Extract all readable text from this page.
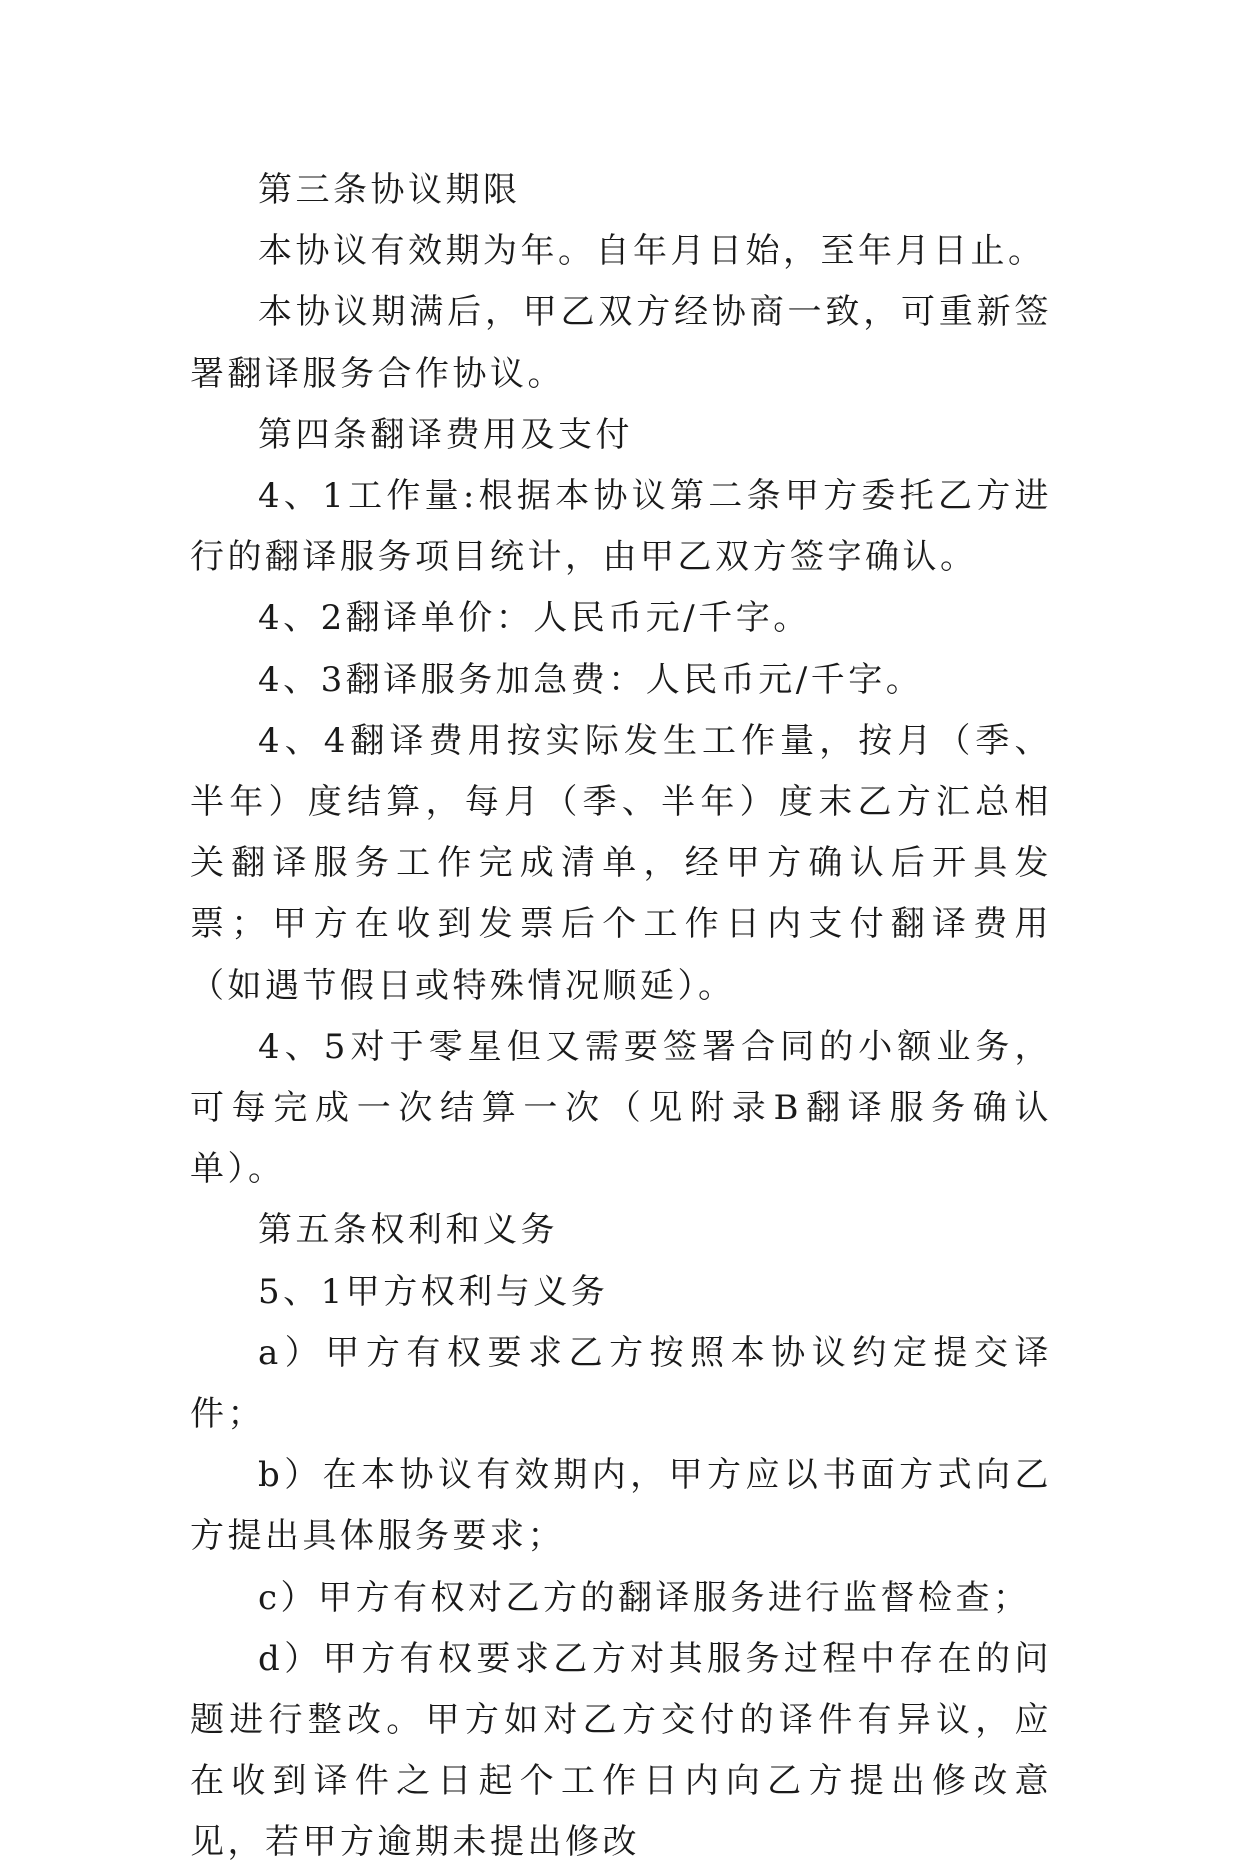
第三条协议期限

本协议有效期为年。自年月日始，至年月日止。

本协议期满后，甲乙双方经协商一致，可重新签署翻译服务合作协议。

第四条翻译费用及支付

4、1工作量:根据本协议第二条甲方委托乙方进行的翻译服务项目统计，由甲乙双方签字确认。

4、2翻译单价：人民币元/千字。

4、3翻译服务加急费：人民币元/千字。

4、4翻译费用按实际发生工作量，按月（季、半年）度结算，每月（季、半年）度末乙方汇总相关翻译服务工作完成清单，经甲方确认后开具发票；甲方在收到发票后个工作日内支付翻译费用（如遇节假日或特殊情况顺延）。

4、5对于零星但又需要签署合同的小额业务，可每完成一次结算一次（见附录B翻译服务确认单）。

第五条权利和义务

5、1甲方权利与义务

a）甲方有权要求乙方按照本协议约定提交译件；

b）在本协议有效期内，甲方应以书面方式向乙方提出具体服务要求；

c）甲方有权对乙方的翻译服务进行监督检查；

d）甲方有权要求乙方对其服务过程中存在的问题进行整改。甲方如对乙方交付的译件有异议，应在收到译件之日起个工作日内向乙方提出修改意见，若甲方逾期未提出修改
